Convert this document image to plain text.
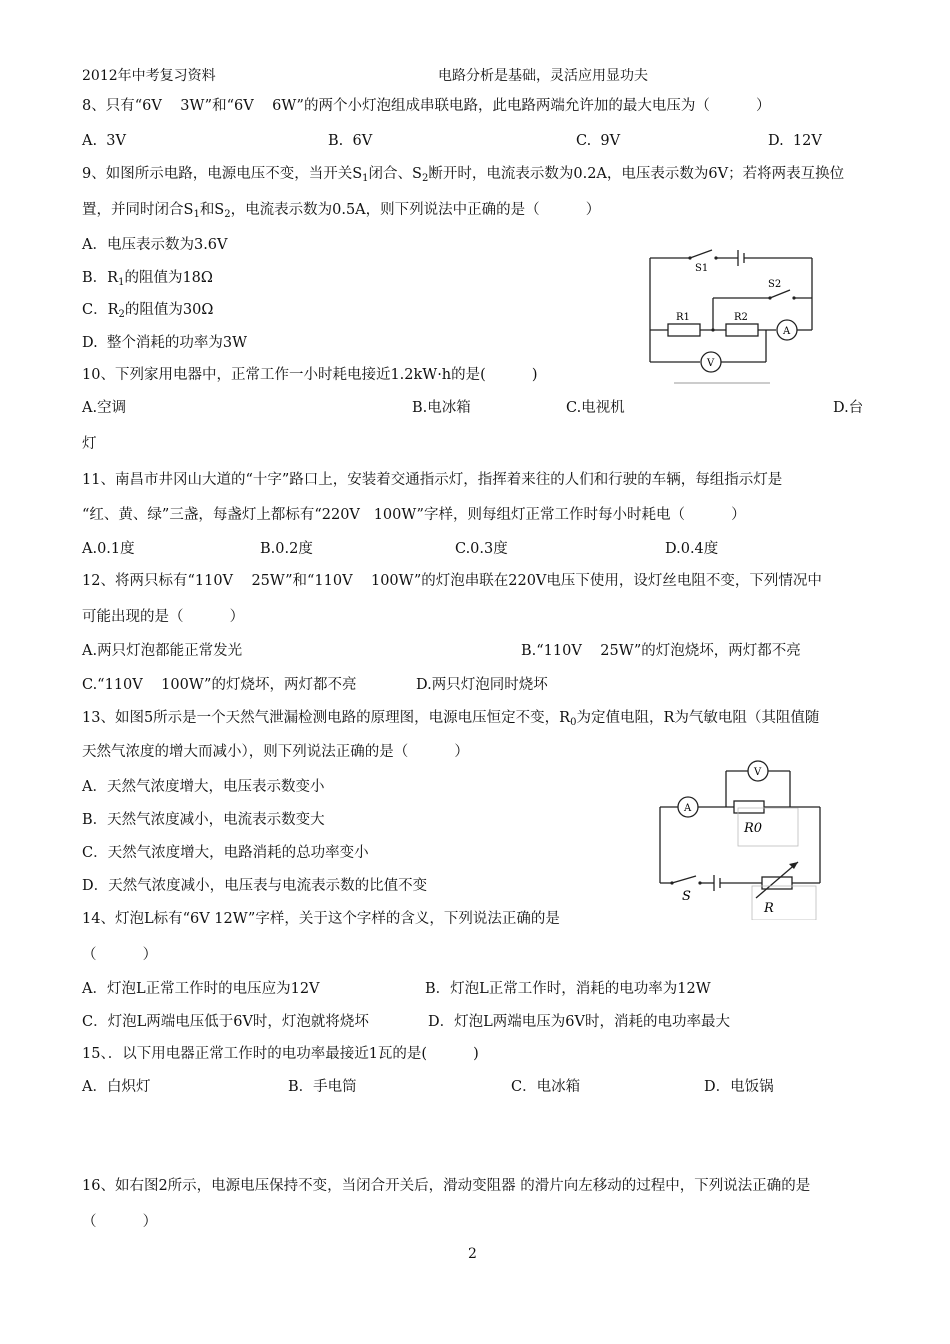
2012年中考复习资料	电路分析是基础，灵活应用显功夫
8、只有“6V    3W”和“6V    6W”的两个小灯泡组成串联电路，此电路两端允许加的最大电压为（          ）
A.  3V	B.  6V	C.  9V	D.  12V
9、如图所示电路，电源电压不变，当开关$S_1$闭合、$S_2$断开时，电流表示数为0.2A，电压表示数为6V；若将两表互换位
置，并同时闭合$S_1$和$S_2$，电流表示数为0.5A，则下列说法中正确的是（          ）
A．电压表示数为3.6V
B．$R_1$的阻值为18Ω
C．$R_2$的阻值为30Ω
D.  整个消耗的功率为3W
S1
S2
R1	R2
A
V
10、下列家用电器中，正常工作一小时耗电接近1.2kW·h的是(          )
A.空调	B.电冰箱	C.电视机	D.台
灯
11、南昌市井冈山大道的“十字”路口上，安装着交通指示灯，指挥着来往的人们和行驶的车辆，每组指示灯是
“红、黄、绿”三盏，每盏灯上都标有“220V   100W”字样，则每组灯正常工作时每小时耗电（          ）
A.0.1度	B.0.2度	C.0.3度	D.0.4度
12、将两只标有“110V    25W”和“110V    100W”的灯泡串联在220V电压下使用，设灯丝电阻不变，下列情况中
可能出现的是（          ）
A.两只灯泡都能正常发光	B.“110V    25W”的灯泡烧坏，两灯都不亮
C.“110V    100W”的灯烧坏，两灯都不亮	D.两只灯泡同时烧坏
13、如图5所示是一个天然气泄漏检测电路的原理图，电源电压恒定不变，$R_0$为定值电阻，R为气敏电阻（其阻值随
天然气浓度的增大而减小），则下列说法正确的是（          ）
A．天然气浓度增大，电压表示数变小
B．天然气浓度减小，电流表示数变大
C．天然气浓度增大，电路消耗的总功率变小
D．天然气浓度减小，电压表与电流表示数的比值不变
V
A
R0
S
R
14、灯泡L标有“6V 12W”字样，关于这个字样的含义，下列说法正确的是
（          ）
A．灯泡L正常工作时的电压应为12V	B．灯泡L正常工作时，消耗的电功率为12W
C．灯泡L两端电压低于6V时，灯泡就将烧坏	D．灯泡L两端电压为6V时，消耗的电功率最大
15、．以下用电器正常工作时的电功率最接近1瓦的是(          )
A．白炽灯	B．手电筒	C．电冰箱	D．电饭锅
16、如右图2所示，电源电压保持不变，当闭合开关后，滑动变阻器 的滑片向左移动的过程中，下列说法正确的是
（          ）
2
